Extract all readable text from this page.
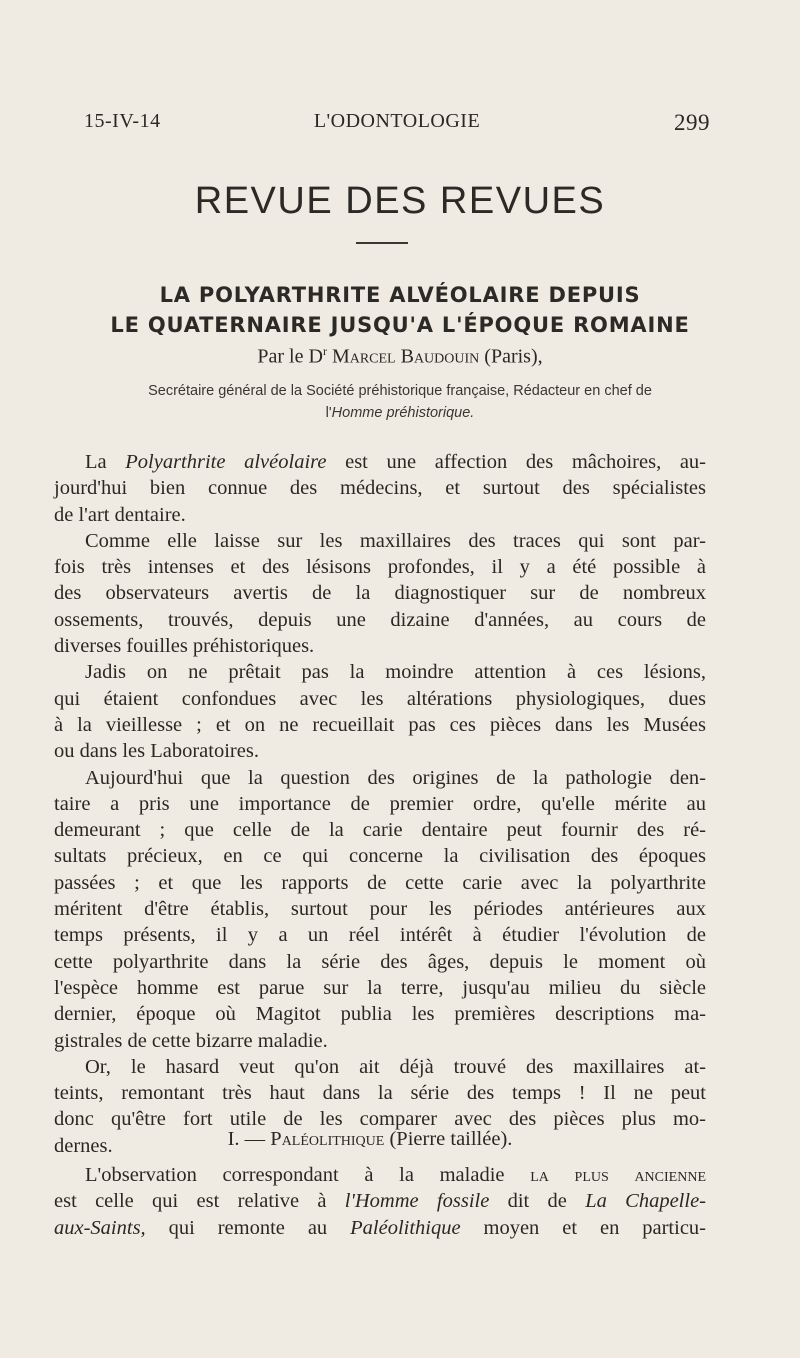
15-IV-14	L'ODONTOLOGIE	299
REVUE DES REVUES
LA POLYARTHRITE ALVÉOLAIRE DEPUIS
LE QUATERNAIRE JUSQU'A L'ÉPOQUE ROMAINE
Par le $D^r$ Marcel Baudouin (Paris),
Secrétaire général de la Société préhistorique française, Rédacteur en chef de
l'Homme préhistorique.

La Polyarthrite alvéolaire est une affection des mâchoires, au-
jourd'hui bien connue des médecins, et surtout des spécialistes
de l'art dentaire.

Comme elle laisse sur les maxillaires des traces qui sont par-
fois très intenses et des lésisons profondes, il y a été possible à
des observateurs avertis de la diagnostiquer sur de nombreux
ossements, trouvés, depuis une dizaine d'années, au cours de
diverses fouilles préhistoriques.

Jadis on ne prêtait pas la moindre attention à ces lésions,
qui étaient confondues avec les altérations physiologiques, dues
à la vieillesse ; et on ne recueillait pas ces pièces dans les Musées
ou dans les Laboratoires.

Aujourd'hui que la question des origines de la pathologie den-
taire a pris une importance de premier ordre, qu'elle mérite au
demeurant ; que celle de la carie dentaire peut fournir des ré-
sultats précieux, en ce qui concerne la civilisation des époques
passées ; et que les rapports de cette carie avec la polyarthrite
méritent d'être établis, surtout pour les périodes antérieures aux
temps présents, il y a un réel intérêt à étudier l'évolution de
cette polyarthrite dans la série des âges, depuis le moment où
l'espèce homme est parue sur la terre, jusqu'au milieu du siècle
dernier, époque où Magitot publia les premières descriptions ma-
gistrales de cette bizarre maladie.

Or, le hasard veut qu'on ait déjà trouvé des maxillaires at-
teints, remontant très haut dans la série des temps ! Il ne peut
donc qu'être fort utile de les comparer avec des pièces plus mo-
dernes.	I. — Paléolithique (Pierre taillée).

L'observation correspondant à la maladie la plus ancienne
est celle qui est relative à l'Homme fossile dit de La Chapelle-
aux-Saints, qui remonte au Paléolithique moyen et en particu-
